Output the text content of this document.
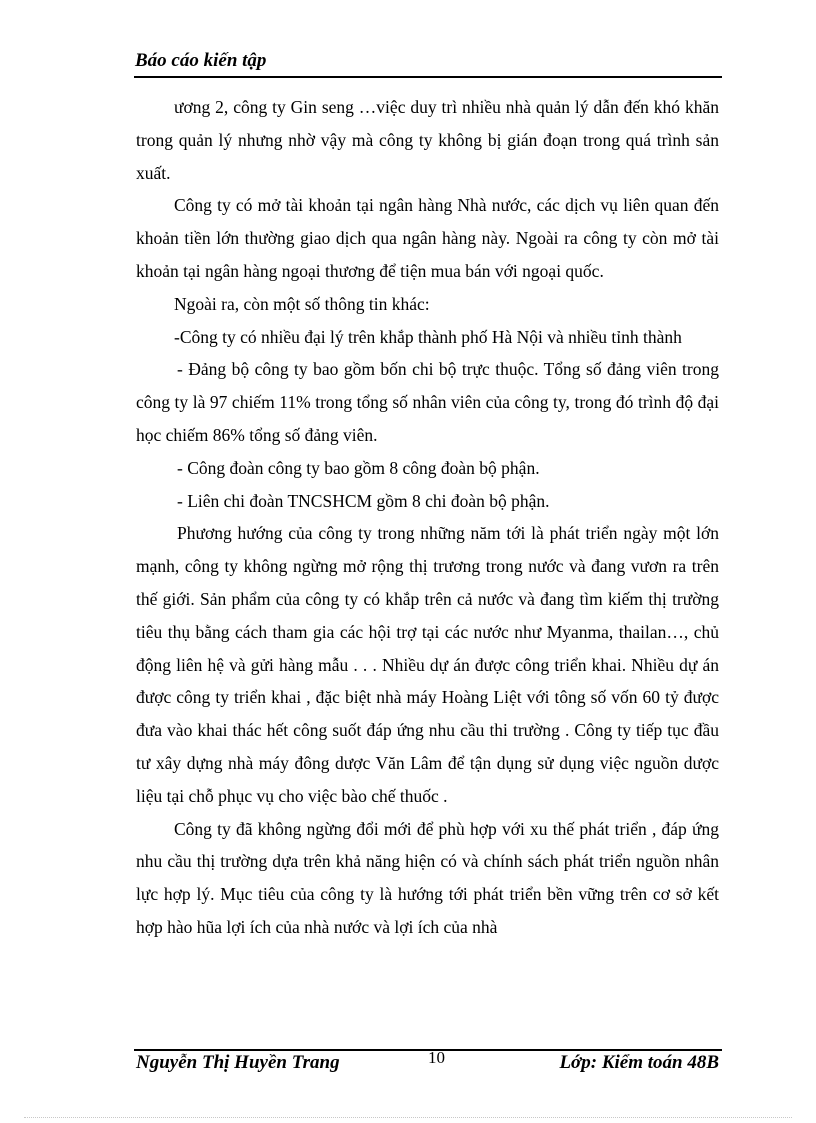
Báo cáo kiến tập

ương 2, công ty Gin seng …việc duy trì nhiều nhà quản lý dẫn đến khó khăn trong quản lý nhưng nhờ vậy mà công ty không bị gián đoạn trong quá trình sản xuất.

Công ty có mở tài khoản tại ngân hàng Nhà nước, các dịch vụ liên quan đến khoản tiền lớn thường giao dịch qua ngân hàng này. Ngoài ra công ty còn mở tài khoản tại ngân hàng ngoại thương để tiện mua bán với ngoại quốc.

Ngoài ra, còn một số thông tin khác:

-Công ty có nhiều đại lý trên khắp thành phố Hà Nội và nhiều tỉnh thành

- Đảng bộ công ty bao gồm bốn chi bộ trực thuộc. Tổng số đảng viên trong công ty là 97 chiếm 11% trong tổng số nhân viên của công ty, trong đó trình độ đại học chiếm 86% tổng số đảng viên.

- Công đoàn công ty bao gồm 8 công đoàn bộ phận.

- Liên chi đoàn TNCSHCM gồm 8 chi đoàn bộ phận.

Phương hướng của công ty trong những năm tới là phát triển ngày một lớn mạnh, công ty không ngừng mở rộng thị trương trong nước và đang vươn ra trên thế giới. Sản phẩm của công ty có khắp trên cả nước và đang tìm kiếm thị trường tiêu thụ bằng cách tham gia các hội trợ tại các nước như Myanma, thailan…, chủ động liên hệ và gửi hàng mẫu . . . Nhiều dự án được công triển khai. Nhiều dự án được công ty triển khai , đặc biệt nhà máy Hoàng Liệt với tông số vốn 60 tỷ được đưa vào khai thác hết công suốt đáp ứng nhu cầu thi trường . Công ty tiếp tục đầu tư xây dựng nhà máy đông dược Văn Lâm để tận dụng sử dụng việc nguồn dược liệu tại chỗ phục vụ cho việc bào chế thuốc .

Công ty đã không ngừng đổi mới để phù hợp với xu thế phát triển , đáp ứng nhu cầu thị trường dựa trên khả năng hiện có và chính sách phát triển nguồn nhân lực hợp lý. Mục tiêu của công ty là hướng tới phát triển bền vững trên cơ sở kết hợp hào hũa lợi ích của nhà nước và lợi ích của nhà

Nguyễn Thị Huyền Trang	10	Lớp: Kiểm toán 48B
